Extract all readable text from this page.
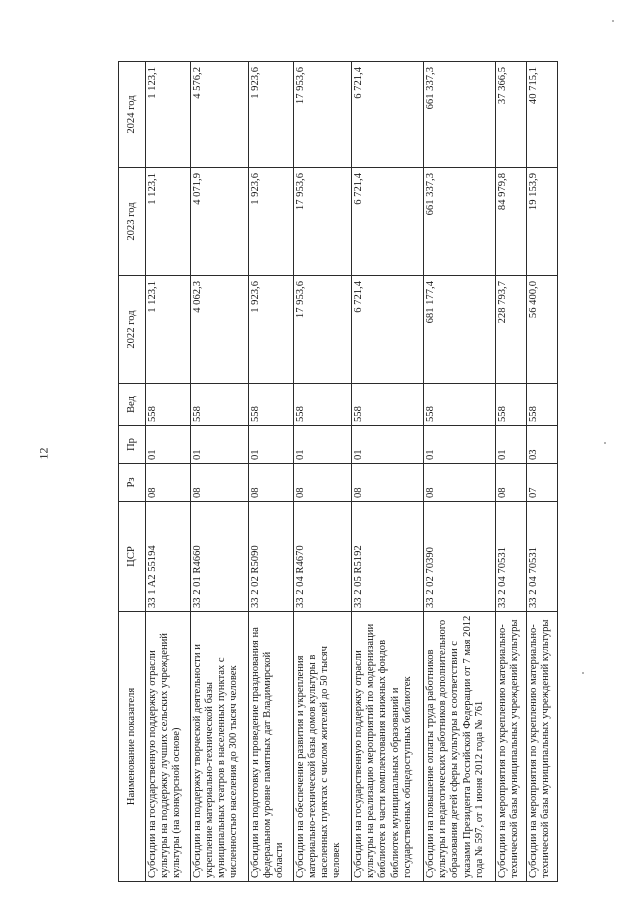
12
Наименование показателя	ЦСР	Рз	Пр	Вед	2022 год	2023 год	2024 год
Субсидии на государственную поддержку отрасли культуры на поддержку лучших сельских учреждений культуры (на конкурсной основе)	33 1 A2 55194	08	01	558	1 123,1	1 123,1	1 123,1
Субсидии на поддержку творческой деятельности и укрепление материально-технической базы муниципальных театров в населенных пунктах с численностью населения до 300 тысяч человек	33 2 01 R4660	08	01	558	4 062,3	4 071,9	4 576,2
Субсидии на подготовку и проведение празднования на федеральном уровне памятных дат Владимирской области	33 2 02 R5090	08	01	558	1 923,6	1 923,6	1 923,6
Субсидии на обеспечение развития и укрепления материально-технической базы домов культуры в населенных пунктах с числом жителей до 50 тысяч человек	33 2 04 R4670	08	01	558	17 953,6	17 953,6	17 953,6
Субсидии на государственную поддержку отрасли культуры на реализацию мероприятий по модернизации библиотек в части комплектования книжных фондов библиотек муниципальных образований и государственных общедоступных библиотек	33 2 05 R5192	08	01	558	6 721,4	6 721,4	6 721,4
Субсидии на повышение оплаты труда работников культуры и педагогических работников дополнительного образования детей сферы культуры в соответствии с указами Президента Российской Федерации от 7 мая 2012 года № 597, от 1 июня 2012 года № 761	33 2 02 70390	08	01	558	681 177,4	661 337,3	661 337,3
Субсидии на мероприятия по укреплению материально-технической базы муниципальных учреждений культуры	33 2 04 70531	08	01	558	228 793,7	84 979,8	37 366,5
Субсидии на мероприятия по укреплению материально-технической базы муниципальных учреждений культуры	33 2 04 70531	07	03	558	56 400,0	19 153,9	40 715,1
